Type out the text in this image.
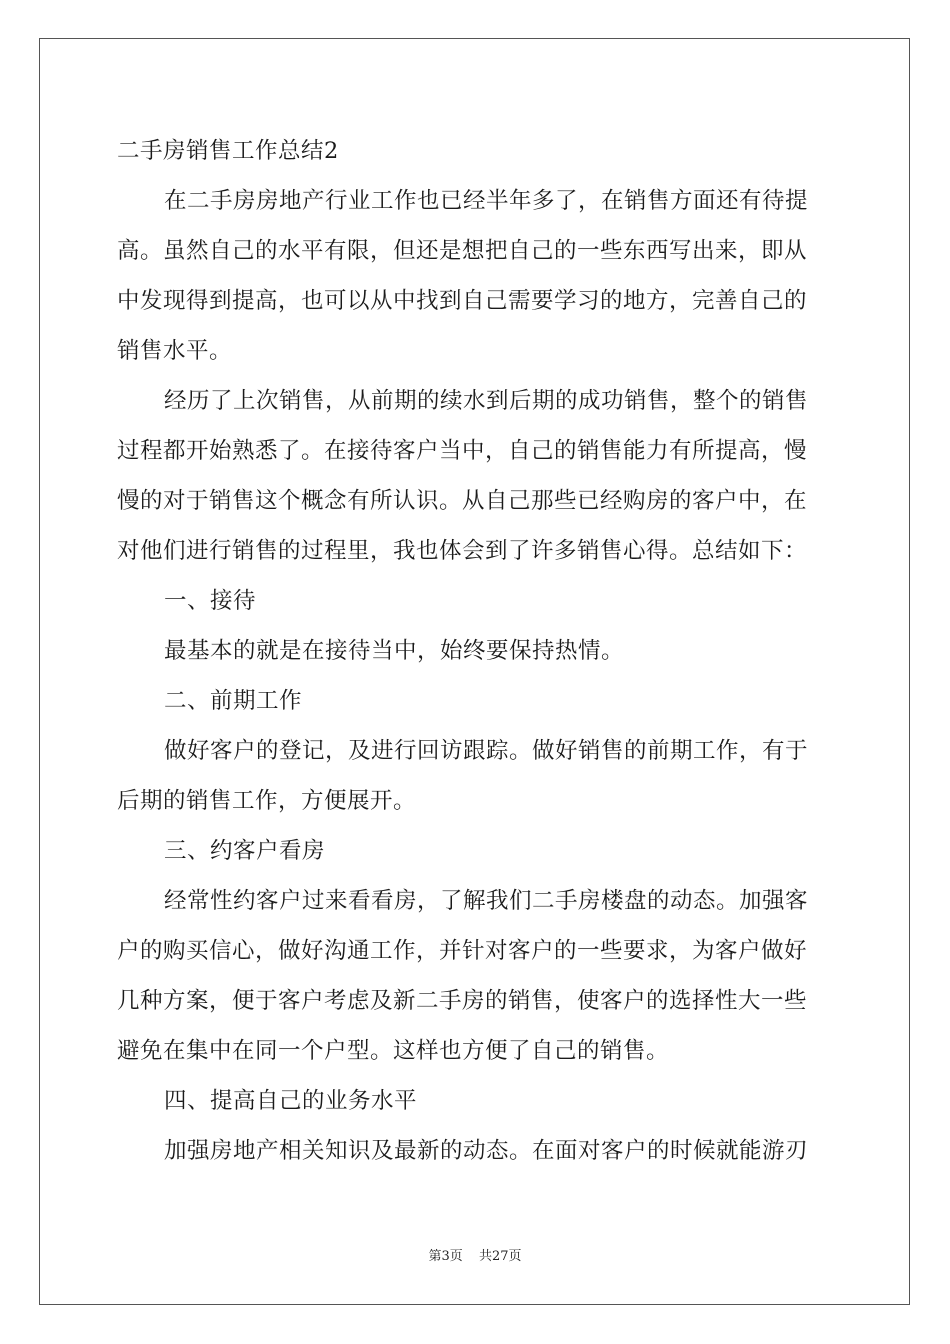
二手房销售工作总结2
在二手房房地产行业工作也已经半年多了，在销售方面还有待提
高。虽然自己的水平有限，但还是想把自己的一些东西写出来，即从
中发现得到提高，也可以从中找到自己需要学习的地方，完善自己的
销售水平。
经历了上次销售，从前期的续水到后期的成功销售，整个的销售
过程都开始熟悉了。在接待客户当中，自己的销售能力有所提高，慢
慢的对于销售这个概念有所认识。从自己那些已经购房的客户中，在
对他们进行销售的过程里，我也体会到了许多销售心得。总结如下：
一、接待
最基本的就是在接待当中，始终要保持热情。
二、前期工作
做好客户的登记，及进行回访跟踪。做好销售的前期工作，有于
后期的销售工作，方便展开。
三、约客户看房
经常性约客户过来看看房，了解我们二手房楼盘的动态。加强客
户的购买信心，做好沟通工作，并针对客户的一些要求，为客户做好
几种方案，便于客户考虑及新二手房的销售，使客户的选择性大一些
避免在集中在同一个户型。这样也方便了自己的销售。
四、提高自己的业务水平
加强房地产相关知识及最新的动态。在面对客户的时候就能游刃
第3页 共27页
